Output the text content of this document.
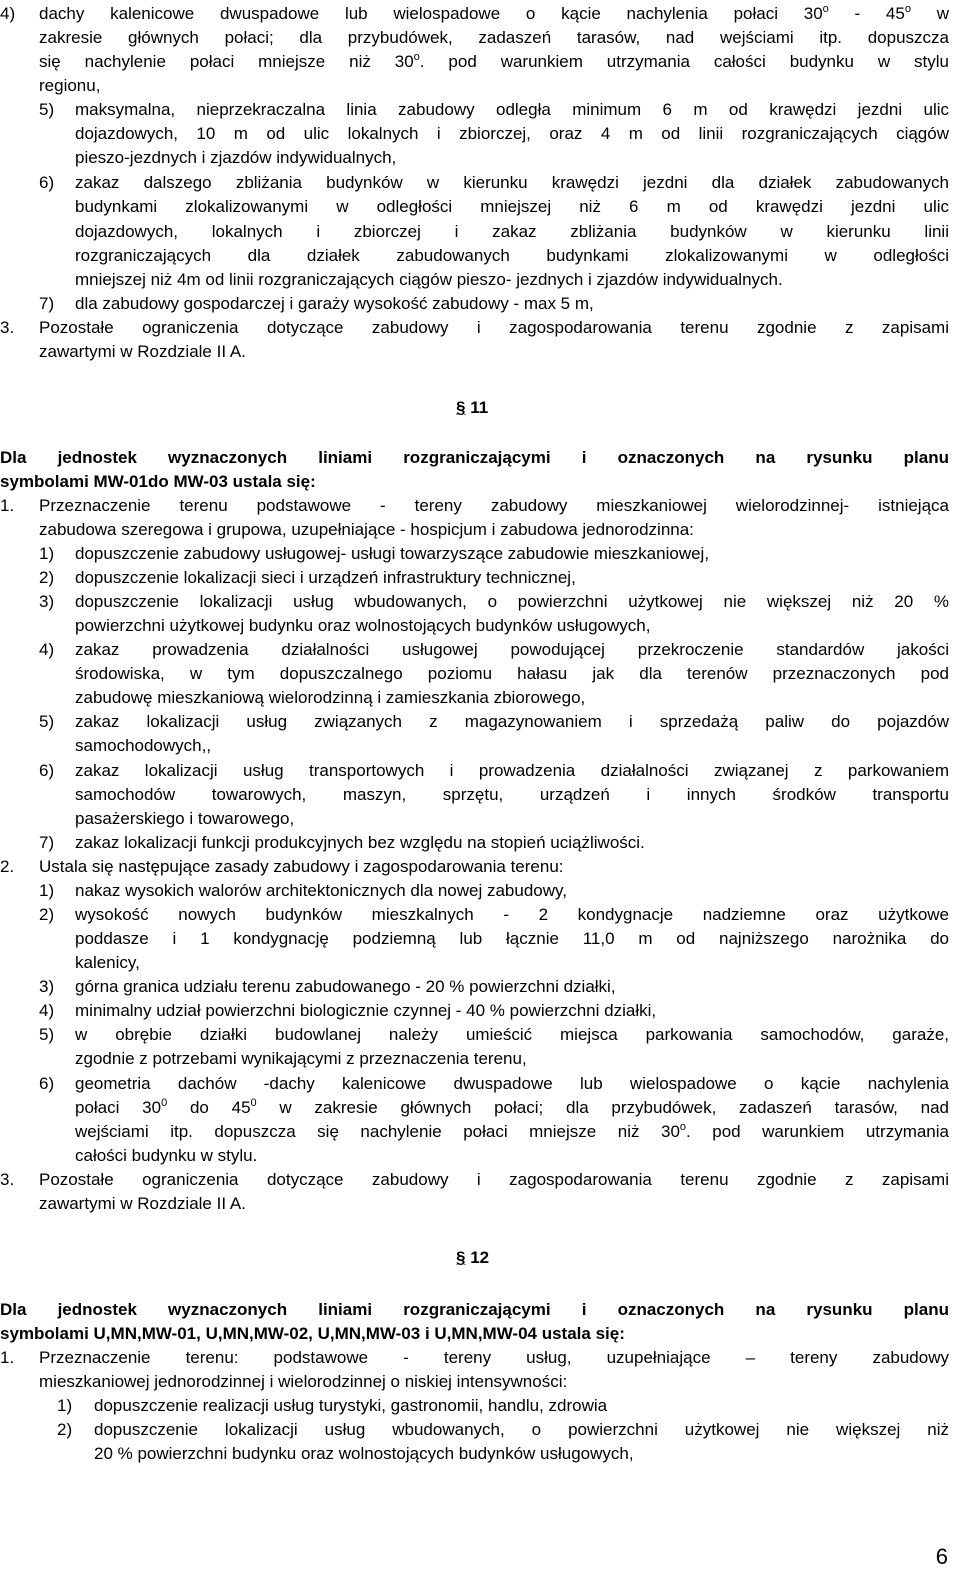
4) dachy kalenicowe dwuspadowe lub wielospadowe o kącie nachylenia połaci 30$^o$ - 45$^o$ w
zakresie głównych połaci; dla przybudówek, zadaszeń tarasów, nad wejściami itp. dopuszcza
się nachylenie połaci mniejsze niż 30$^o$. pod warunkiem utrzymania całości budynku w stylu
regionu,
5) maksymalna, nieprzekraczalna linia zabudowy odległa minimum 6 m od krawędzi jezdni ulic
dojazdowych, 10 m od ulic lokalnych i zbiorczej, oraz 4 m od linii rozgraniczających ciągów
pieszo-jezdnych i zjazdów indywidualnych,
6) zakaz dalszego zbliżania budynków w kierunku krawędzi jezdni dla działek zabudowanych
budynkami zlokalizowanymi w odległości mniejszej niż 6 m od krawędzi jezdni ulic
dojazdowych, lokalnych i zbiorczej i zakaz zbliżania budynków w kierunku linii
rozgraniczających dla działek zabudowanych budynkami zlokalizowanymi w odległości
mniejszej niż 4m od linii rozgraniczających ciągów pieszo- jezdnych i zjazdów indywidualnych.
7) dla zabudowy gospodarczej i garaży wysokość zabudowy - max 5 m,
3. Pozostałe ograniczenia dotyczące zabudowy i zagospodarowania terenu zgodnie z zapisami
zawartymi w Rozdziale II A.
§ 11
Dla jednostek wyznaczonych liniami rozgraniczającymi i oznaczonych na rysunku planu
symbolami MW-01do MW-03 ustala się:
1. Przeznaczenie terenu podstawowe - tereny zabudowy mieszkaniowej wielorodzinnej- istniejąca
zabudowa szeregowa i grupowa, uzupełniające - hospicjum i zabudowa jednorodzinna:
1) dopuszczenie zabudowy usługowej- usługi towarzyszące zabudowie mieszkaniowej,
2) dopuszczenie lokalizacji sieci i urządzeń infrastruktury technicznej,
3) dopuszczenie lokalizacji usług wbudowanych, o powierzchni użytkowej nie większej niż 20 %
powierzchni użytkowej budynku oraz wolnostojących budynków usługowych,
4) zakaz prowadzenia działalności usługowej powodującej przekroczenie standardów jakości
środowiska, w tym dopuszczalnego poziomu hałasu jak dla terenów przeznaczonych pod
zabudowę mieszkaniową wielorodzinną i zamieszkania zbiorowego,
5) zakaz lokalizacji usług związanych z magazynowaniem i sprzedażą paliw do pojazdów
samochodowych,,
6) zakaz lokalizacji usług transportowych i prowadzenia działalności związanej z parkowaniem
samochodów towarowych, maszyn, sprzętu, urządzeń i innych środków transportu
pasażerskiego i towarowego,
7) zakaz lokalizacji funkcji produkcyjnych bez względu na stopień uciążliwości.
2. Ustala się następujące zasady zabudowy i zagospodarowania terenu:
1) nakaz wysokich walorów architektonicznych dla nowej zabudowy,
2) wysokość nowych budynków mieszkalnych - 2 kondygnacje nadziemne oraz użytkowe
poddasze i 1 kondygnację podziemną lub łącznie 11,0 m od najniższego narożnika do
kalenicy,
3) górna granica udziału terenu zabudowanego - 20 % powierzchni działki,
4) minimalny udział powierzchni biologicznie czynnej - 40 % powierzchni działki,
5) w obrębie działki budowlanej należy umieścić miejsca parkowania samochodów, garaże,
zgodnie z potrzebami wynikającymi z przeznaczenia terenu,
6) geometria dachów -dachy kalenicowe dwuspadowe lub wielospadowe o kącie nachylenia
połaci $30^0$ do $45^0$ w zakresie głównych połaci; dla przybudówek, zadaszeń tarasów, nad
wejściami itp. dopuszcza się nachylenie połaci mniejsze niż 30$^o$. pod warunkiem utrzymania
całości budynku w stylu.
3. Pozostałe ograniczenia dotyczące zabudowy i zagospodarowania terenu zgodnie z zapisami
zawartymi w Rozdziale II A.
§ 12
Dla jednostek wyznaczonych liniami rozgraniczającymi i oznaczonych na rysunku planu
symbolami U,MN,MW-01, U,MN,MW-02, U,MN,MW-03 i U,MN,MW-04 ustala się:
1. Przeznaczenie terenu: podstawowe - tereny usług, uzupełniające – tereny zabudowy
mieszkaniowej jednorodzinnej i wielorodzinnej o niskiej intensywności:
1) dopuszczenie realizacji usług turystyki, gastronomii, handlu, zdrowia
2) dopuszczenie lokalizacji usług wbudowanych, o powierzchni użytkowej nie większej niż
20 % powierzchni budynku oraz wolnostojących budynków usługowych,
6
